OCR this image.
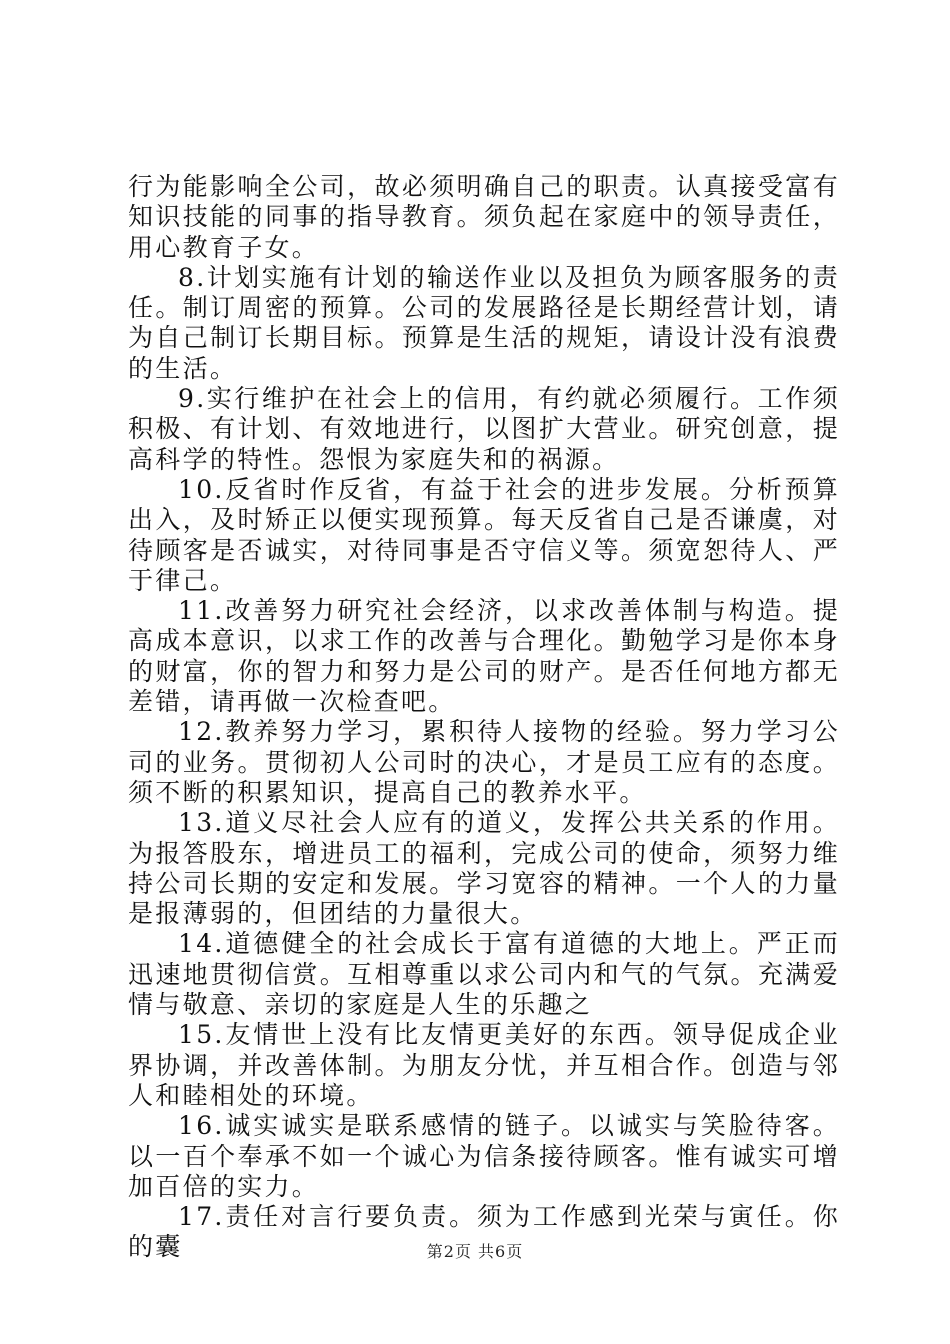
行为能影响全公司，故必须明确自己的职责。认真接受富有知识技能的同事的指导教育。须负起在家庭中的领导责任，用心教育子女。

8.计划实施有计划的输送作业以及担负为顾客服务的责任。制订周密的预算。公司的发展路径是长期经营计划，请为自己制订长期目标。预算是生活的规矩，请设计没有浪费的生活。

9.实行维护在社会上的信用，有约就必须履行。工作须积极、有计划、有效地进行，以图扩大营业。研究创意，提高科学的特性。怨恨为家庭失和的祸源。

10.反省时作反省，有益于社会的进步发展。分析预算出入，及时矫正以便实现预算。每天反省自己是否谦虞，对待顾客是否诚实，对待同事是否守信义等。须宽恕待人、严于律己。

11.改善努力研究社会经济，以求改善体制与构造。提高成本意识，以求工作的改善与合理化。勤勉学习是你本身的财富，你的智力和努力是公司的财产。是否任何地方都无差错，请再做一次检查吧。

12.教养努力学习，累积待人接物的经验。努力学习公司的业务。贯彻初人公司时的决心，才是员工应有的态度。须不断的积累知识，提高自己的教养水平。

13.道义尽社会人应有的道义，发挥公共关系的作用。为报答股东，增进员工的福利，完成公司的使命，须努力维持公司长期的安定和发展。学习宽容的精神。一个人的力量是报薄弱的，但团结的力量很大。

14.道德健全的社会成长于富有道德的大地上。严正而迅速地贯彻信赏。互相尊重以求公司内和气的气氛。充满爱情与敬意、亲切的家庭是人生的乐趣之

15.友情世上没有比友情更美好的东西。领导促成企业界协调，并改善体制。为朋友分忧，并互相合作。创造与邻人和睦相处的环境。

16.诚实诚实是联系感情的链子。以诚实与笑脸待客。以一百个奉承不如一个诚心为信条接待顾客。惟有诚实可增加百倍的实力。

17.责任对言行要负责。须为工作感到光荣与寅任。你的囊	第2页 共6页
